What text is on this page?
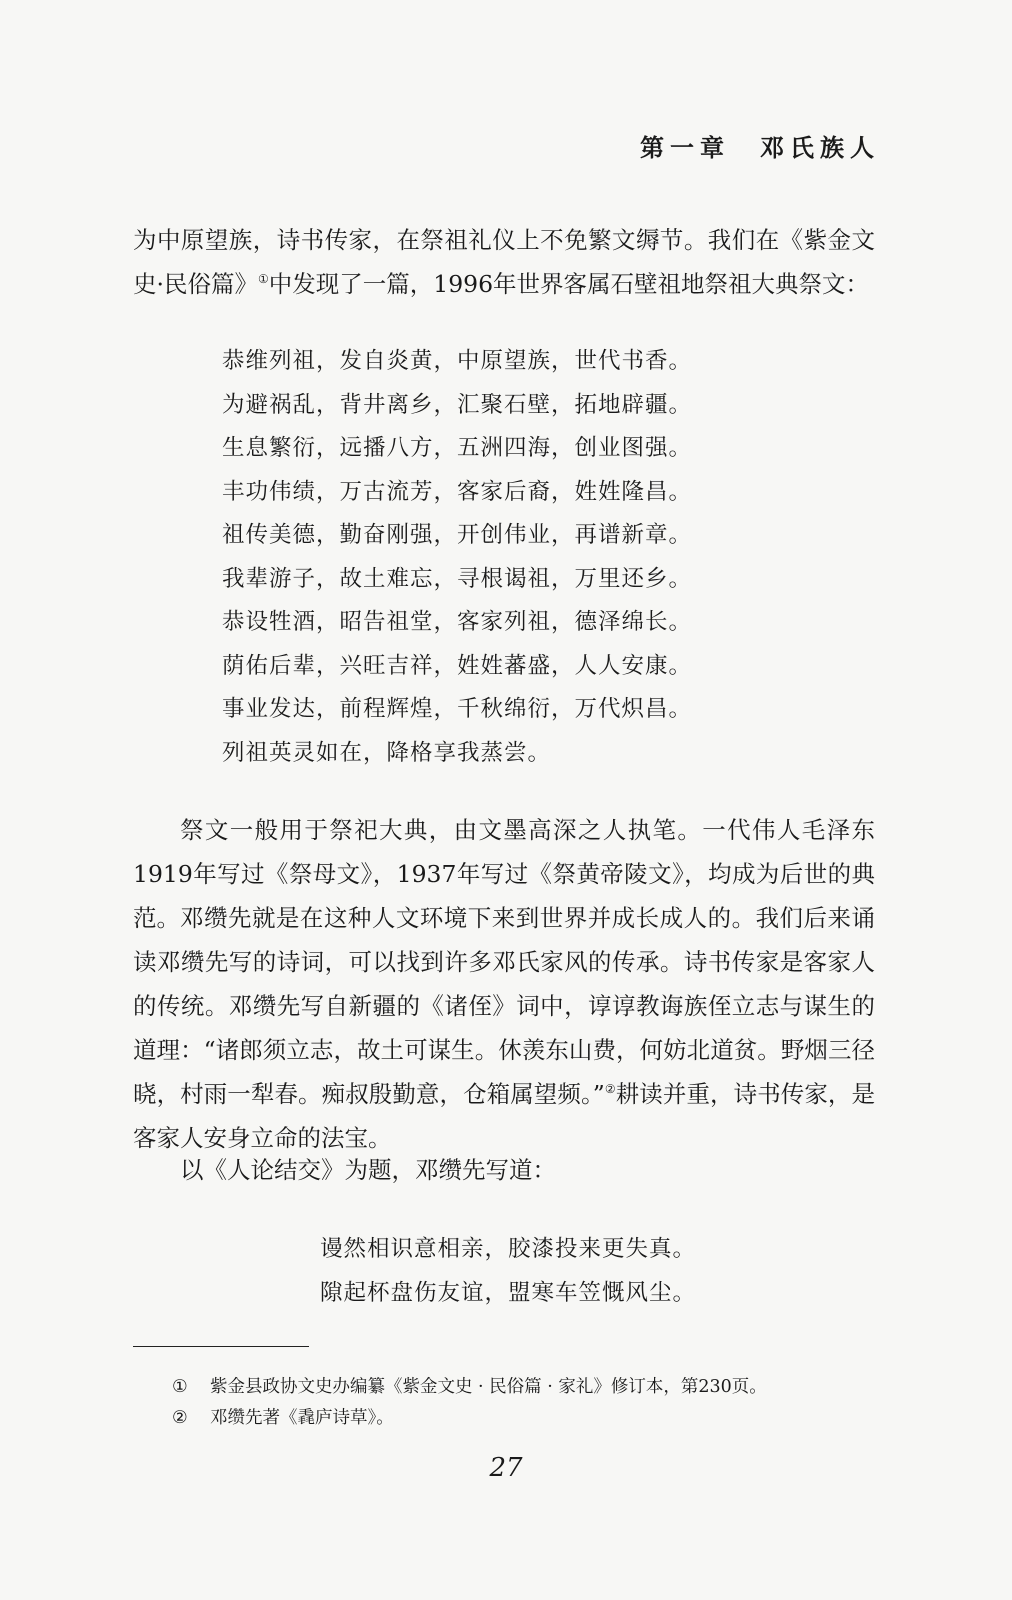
第一章　邓氏族人

为中原望族，诗书传家，在祭祖礼仪上不免繁文缛节。我们在《紫金文史·民俗篇》①中发现了一篇，1996年世界客属石壁祖地祭祖大典祭文：

恭维列祖，发自炎黄，中原望族，世代书香。
为避祸乱，背井离乡，汇聚石壁，拓地辟疆。
生息繁衍，远播八方，五洲四海，创业图强。
丰功伟绩，万古流芳，客家后裔，姓姓隆昌。
祖传美德，勤奋刚强，开创伟业，再谱新章。
我辈游子，故土难忘，寻根谒祖，万里还乡。
恭设牲酒，昭告祖堂，客家列祖，德泽绵长。
荫佑后辈，兴旺吉祥，姓姓蕃盛，人人安康。
事业发达，前程辉煌，千秋绵衍，万代炽昌。
列祖英灵如在，降格享我蒸尝。

祭文一般用于祭祀大典，由文墨高深之人执笔。一代伟人毛泽东1919年写过《祭母文》，1937年写过《祭黄帝陵文》，均成为后世的典范。 邓缵先就是在这种人文环境下来到世界并成长成人的。我们后来诵读邓缵先写的诗词，可以找到许多邓氏家风的传承。诗书传家是客家人的传统。邓缵先写自新疆的《诸侄》词中，谆谆教诲族侄立志与谋生的道理：“诸郎须立志，故土可谋生。休羡东山费，何妨北道贫。野烟三径晓，村雨一犁春。痴叔殷勤意，仓箱属望频。”②耕读并重，诗书传家，是客家人安身立命的法宝。

以《人论结交》为题，邓缵先写道：

谩然相识意相亲，胶漆投来更失真。
隙起杯盘伤友谊，盟寒车笠慨风尘。
① 紫金县政协文史办编纂《紫金文史 · 民俗篇 · 家礼》修订本，第230页。
② 邓缵先著《毳庐诗草》。
27
